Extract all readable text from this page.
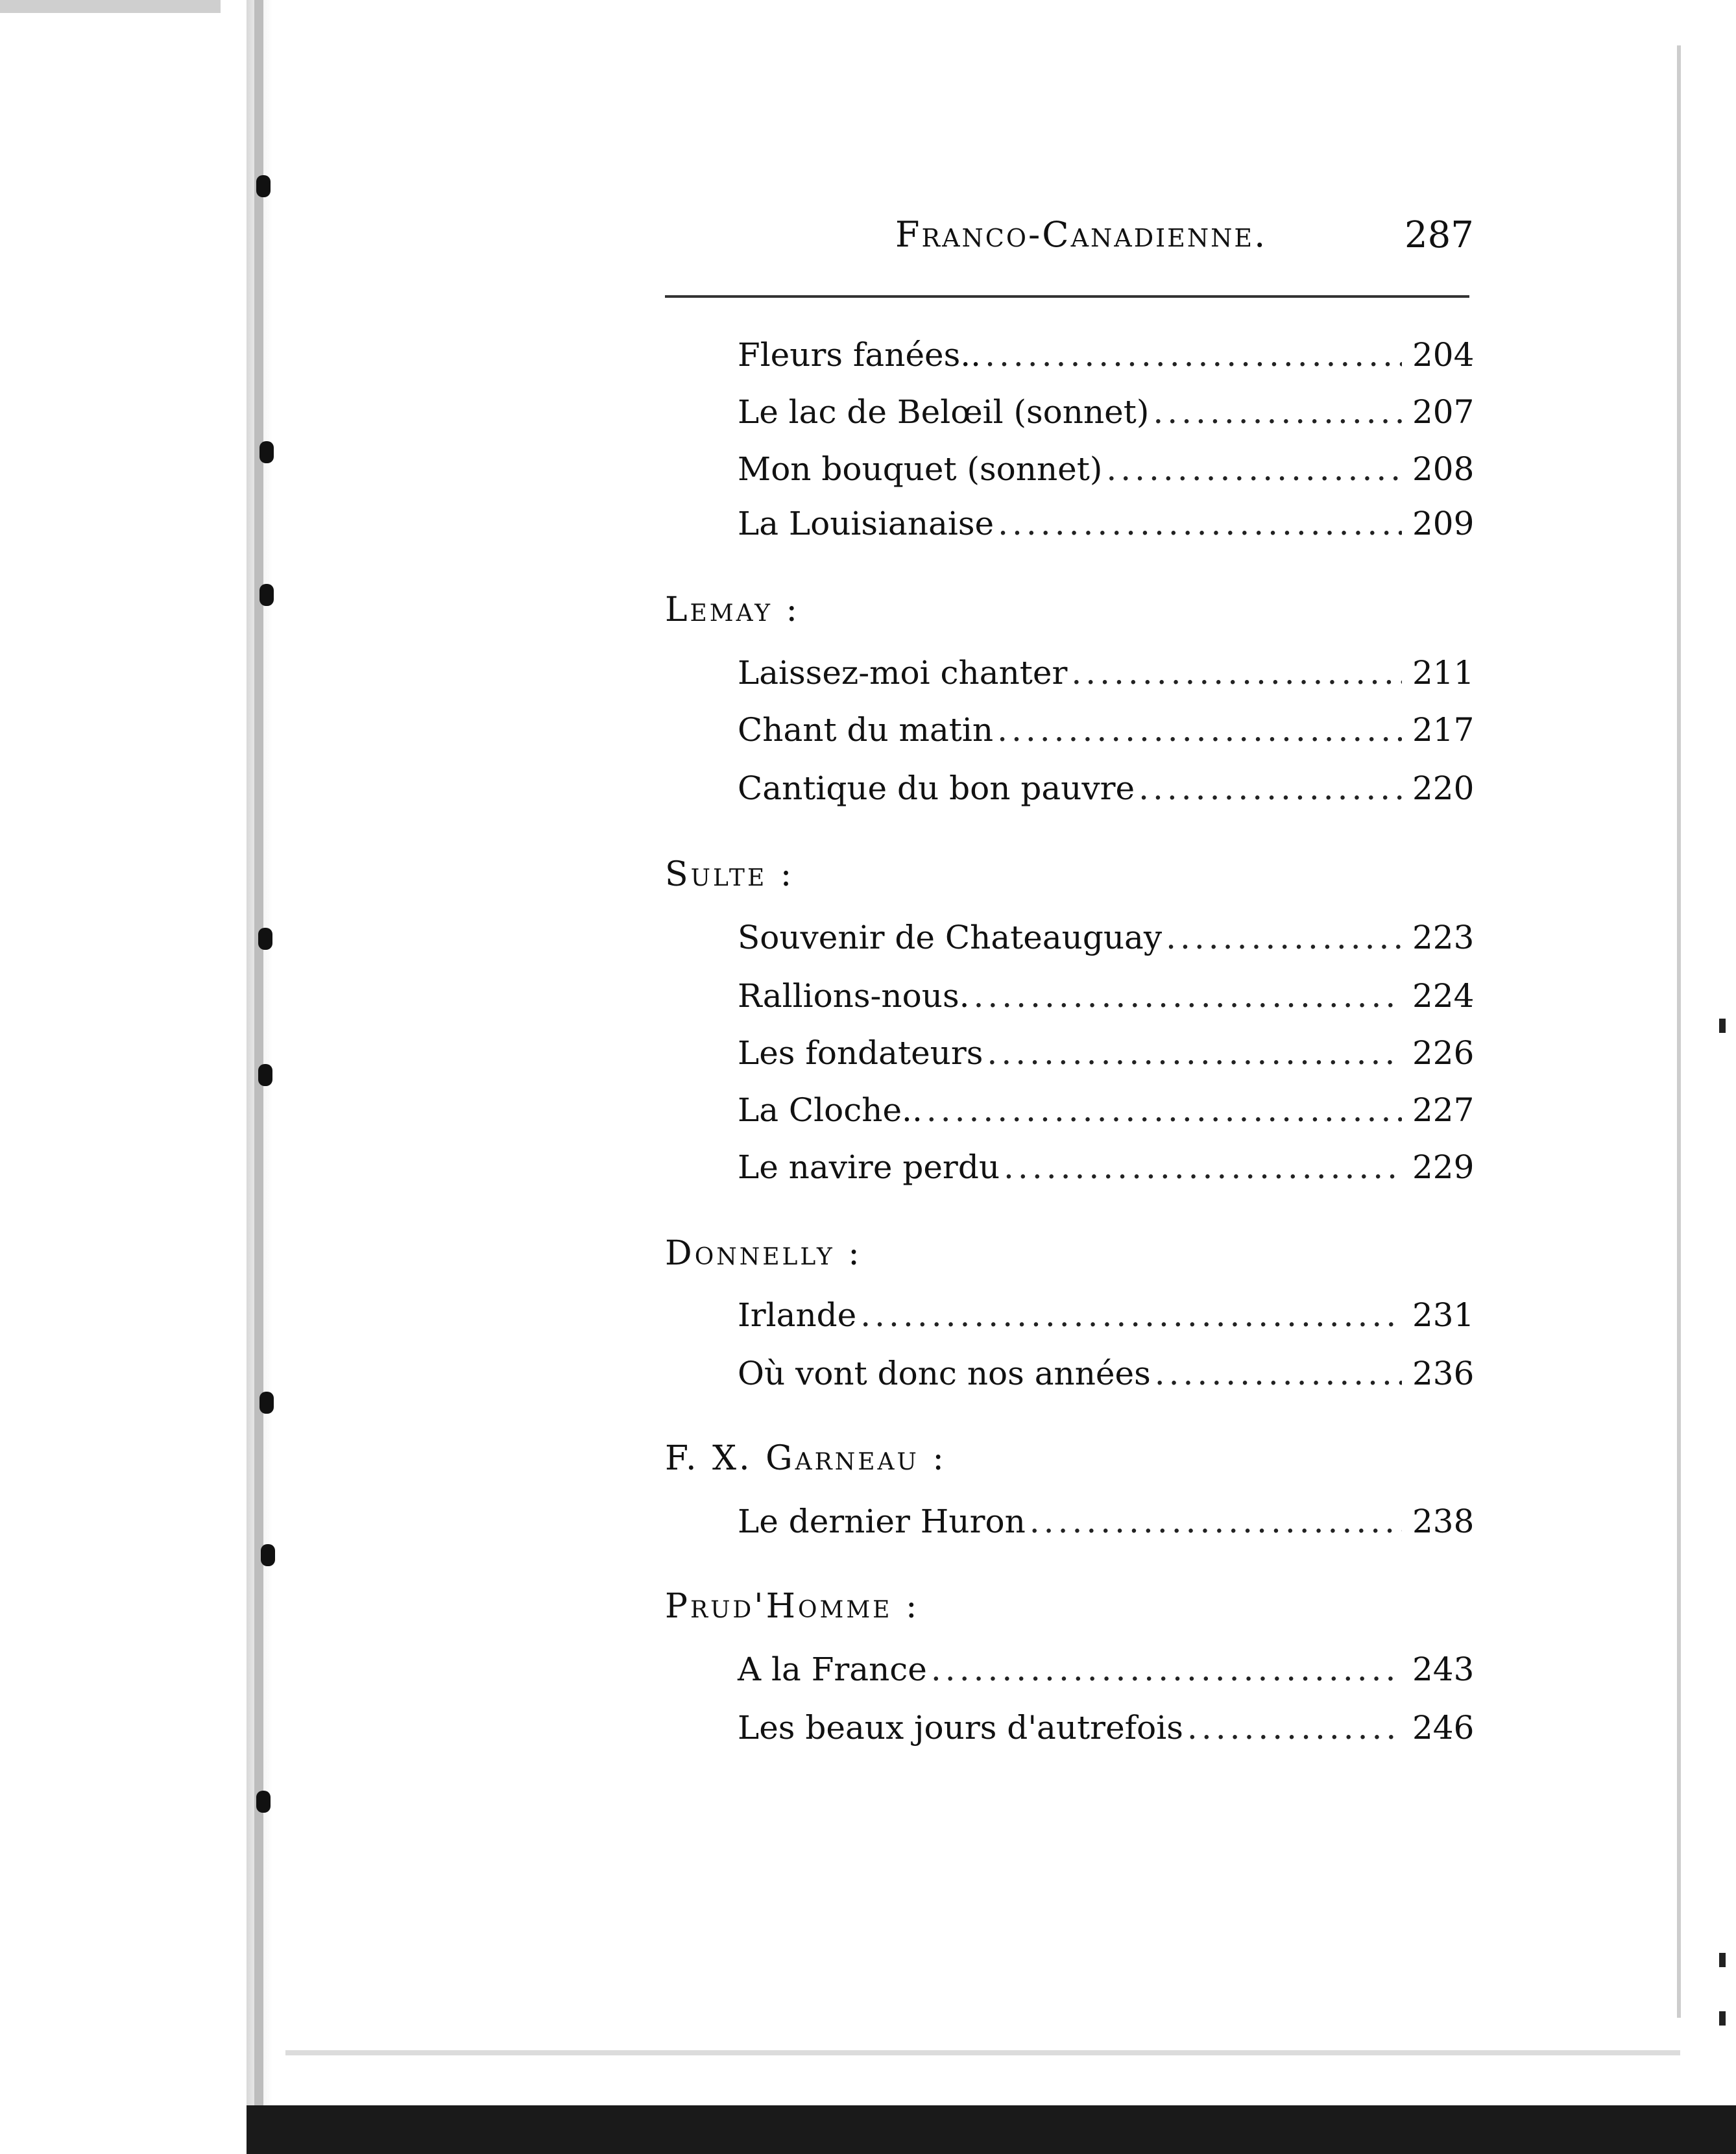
Franco-Canadienne.	287
Fleurs fanées.. .....	204
Le lac de Belœil (sonnet) .....	207
Mon bouquet (sonnet) .....	208
La Louisianaise .....	209
Lemay :
Laissez-moi chanter .....	211
Chant du matin .....	217
Cantique du bon pauvre .....	220
Sulte :
Souvenir de Chateauguay .....	223
Rallions-nous. .....	224
Les fondateurs .....	226
La Cloche.. .....	227
Le navire perdu .....	229
Donnelly :
Irlande .....	231
Où vont donc nos années .....	236
F. X. Garneau :
Le dernier Huron .....	238
Prud'Homme :
A la France .....	243
Les beaux jours d'autrefois .....	246
